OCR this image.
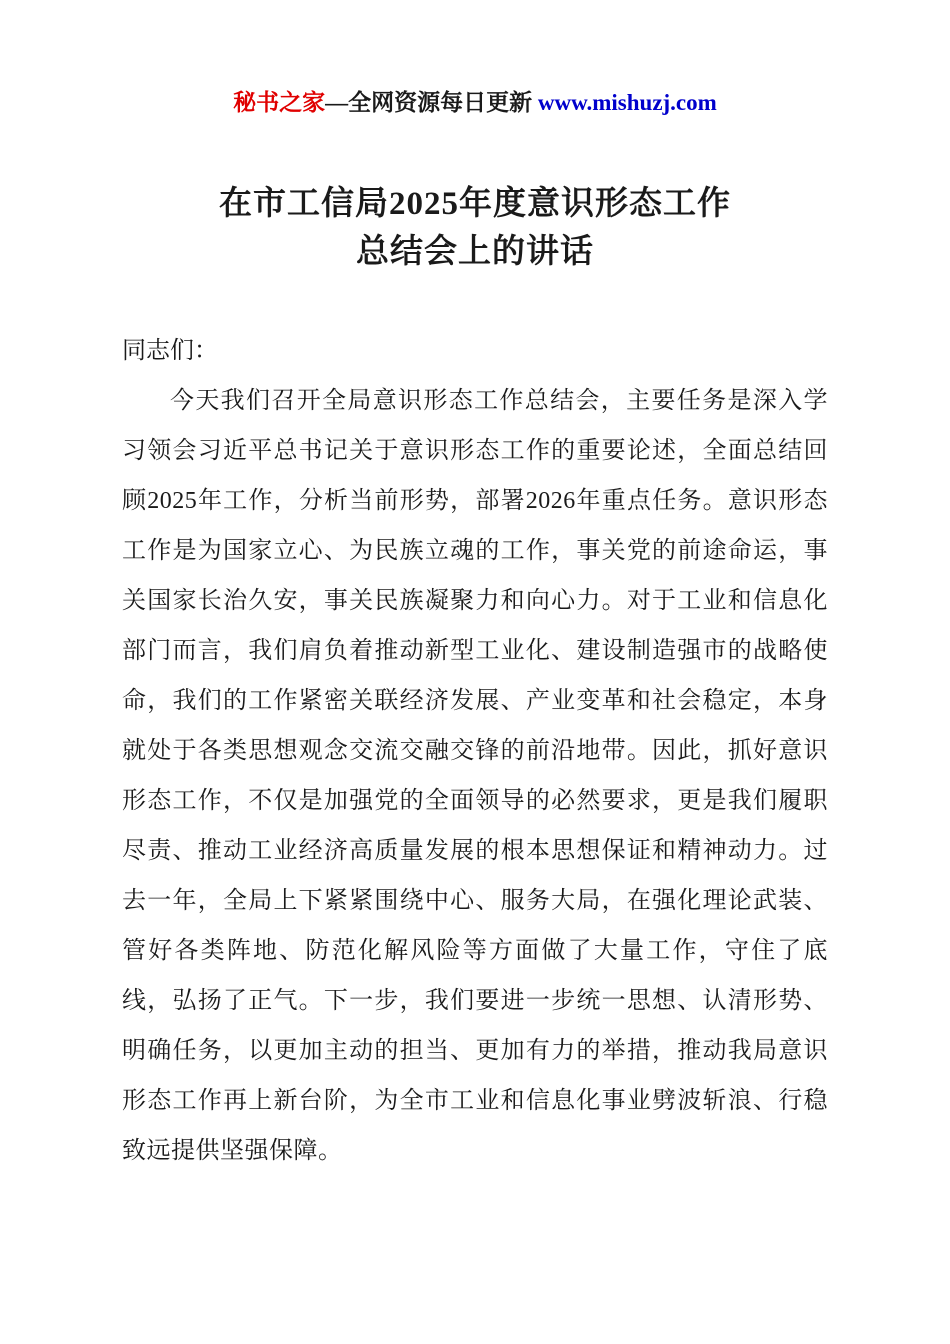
秘书之家—全网资源每日更新 www.mishuzj.com
在市工信局2025年度意识形态工作
总结会上的讲话

同志们：

今天我们召开全局意识形态工作总结会，主要任务是深入学习领会习近平总书记关于意识形态工作的重要论述，全面总结回顾2025年工作，分析当前形势，部署2026年重点任务。意识形态工作是为国家立心、为民族立魂的工作，事关党的前途命运，事关国家长治久安，事关民族凝聚力和向心力。对于工业和信息化部门而言，我们肩负着推动新型工业化、建设制造强市的战略使命，我们的工作紧密关联经济发展、产业变革和社会稳定，本身就处于各类思想观念交流交融交锋的前沿地带。因此，抓好意识形态工作，不仅是加强党的全面领导的必然要求，更是我们履职尽责、推动工业经济高质量发展的根本思想保证和精神动力。过去一年，全局上下紧紧围绕中心、服务大局，在强化理论武装、管好各类阵地、防范化解风险等方面做了大量工作，守住了底线，弘扬了正气。下一步，我们要进一步统一思想、认清形势、明确任务，以更加主动的担当、更加有力的举措，推动我局意识形态工作再上新台阶，为全市工业和信息化事业劈波斩浪、行稳致远提供坚强保障。
